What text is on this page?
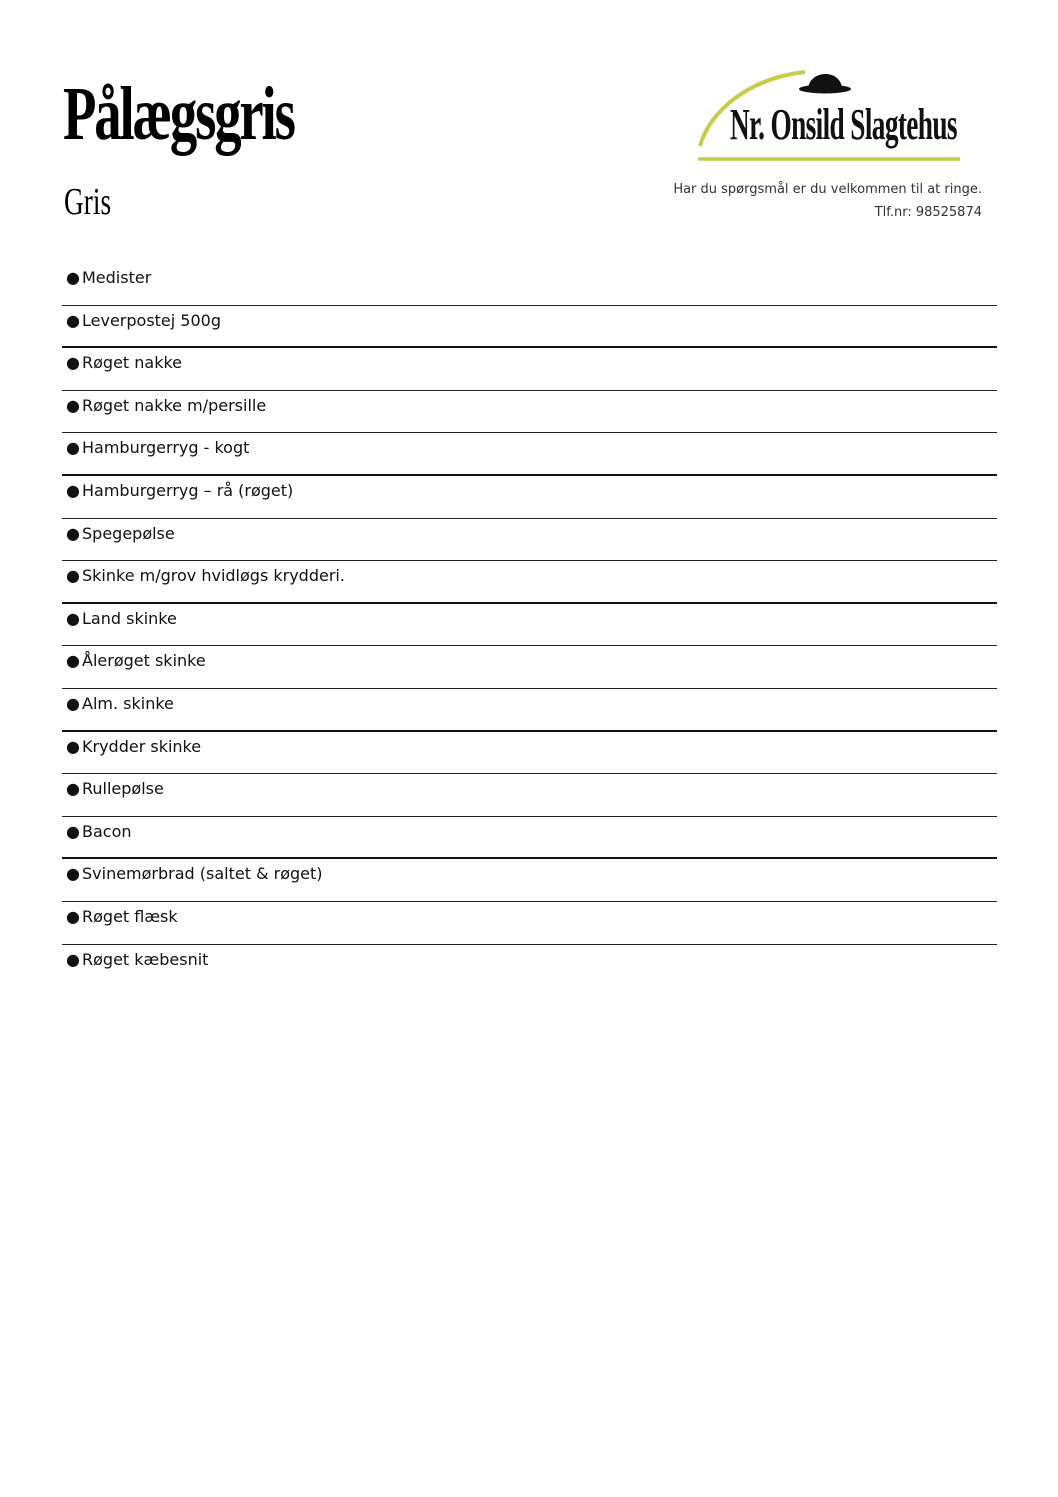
Pålægsgris
Gris
Nr. Onsild Slagtehus
Har du spørgsmål er du velkommen til at ringe.
Tlf.nr: 98525874
● Medister
● Leverpostej 500g
● Røget nakke
● Røget nakke m/persille
● Hamburgerryg - kogt
● Hamburgerryg – rå (røget)
● Spegepølse
● Skinke m/grov hvidløgs krydderi.
● Land skinke
● Ålerøget skinke
● Alm. skinke
● Krydder skinke
● Rullepølse
● Bacon
● Svinemørbrad (saltet & røget)
● Røget flæsk
● Røget kæbesnit
